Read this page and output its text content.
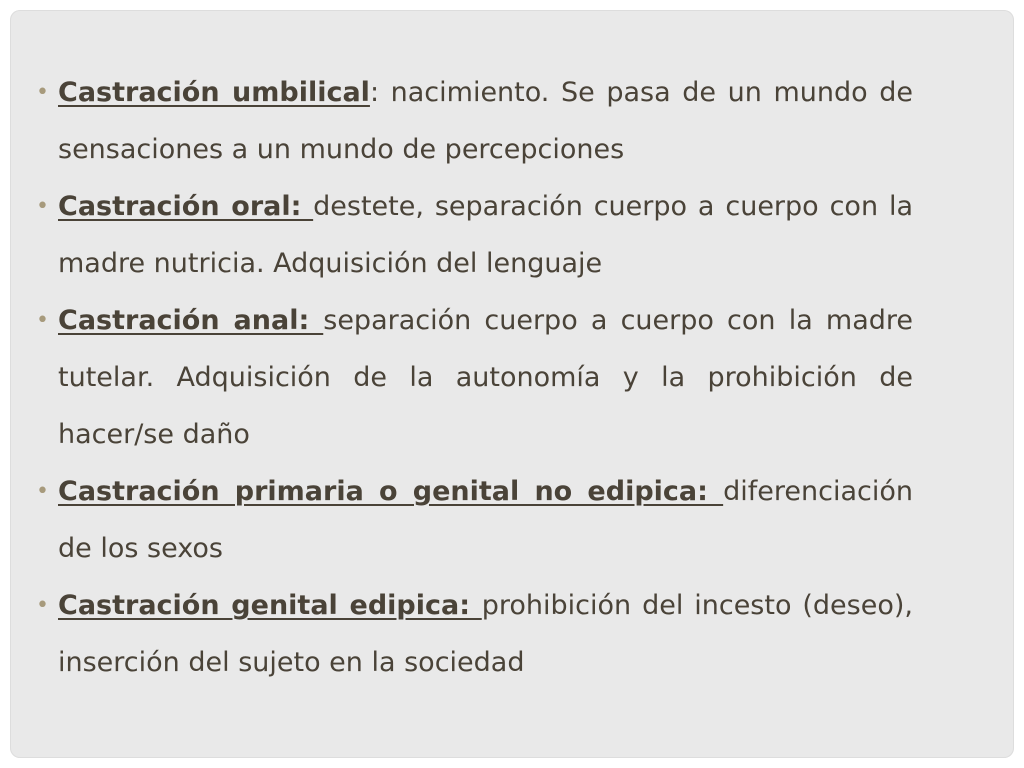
• Castración umbilical: nacimiento. Se pasa de un mundo de sensaciones a un mundo de percepciones
• Castración oral: destete, separación cuerpo a cuerpo con la madre nutricia. Adquisición del lenguaje
• Castración anal: separación cuerpo a cuerpo con la madre tutelar. Adquisición de la autonomía y la prohibición de hacer/se daño
• Castración primaria o genital no edipica: diferenciación de los sexos
• Castración genital edipica: prohibición del incesto (deseo), inserción del sujeto en la sociedad
